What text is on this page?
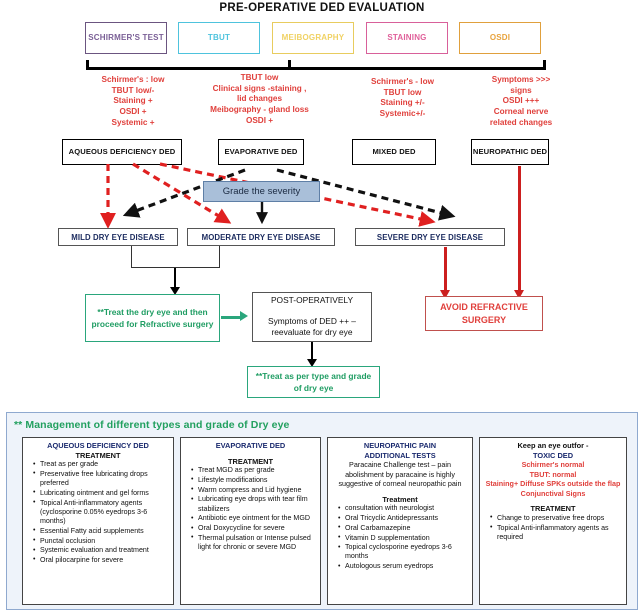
PRE-OPERATIVE DED EVALUATION
SCHIRMER'S TEST	TBUT	MEIBOGRAPHY	STAINING	OSDI
Schirmer's : low
TBUT low/-
Staining +
OSDI +
Systemic +
TBUT low
Clinical signs -staining ,
lid changes
Meibography - gland loss
OSDI +
Schirmer's - low
TBUT low
Staining +/-
Systemic+/-
Symptoms >>>
signs
OSDI +++
Corneal nerve
related changes
AQUEOUS DEFICIENCY DED	EVAPORATIVE DED	MIXED DED	NEUROPATHIC DED
Grade the severity
MILD DRY EYE DISEASE	MODERATE DRY EYE DISEASE	SEVERE DRY EYE DISEASE
**Treat the dry eye and then proceed for Refractive surgery
POST-OPERATIVELY
Symptoms of DED ++ – reevaluate for dry eye
**Treat as per type and grade of dry eye
AVOID REFRACTIVE SURGERY
** Management of different types and grade of Dry eye
AQUEOUS DEFICIENCY DED
TREATMENT
• Treat as per grade
• Preservative free lubricating drops preferred
• Lubricating ointment and gel forms
• Topical Anti-inflammatory agents (cyclosporine 0.05% eyedrops 3-6 months)
• Essential Fatty acid supplements
• Punctal occlusion
• Systemic evaluation and treatment
• Oral pilocarpine for severe
EVAPORATIVE DED
TREATMENT
• Treat MGD as per grade
• Lifestyle modifications
• Warm compress and Lid hygiene
• Lubricating eye drops with tear film stabilizers
• Antibiotic eye ointment for the MGD
• Oral Doxycycline for severe
• Thermal pulsation or Intense pulsed light for chronic or severe MGD
NEUROPATHIC PAIN
ADDITIONAL TESTS
Paracaine Challenge test – pain abolishment by paracaine is highly suggestive of corneal neuropathic pain
Treatment
• consultation with neurologist
• Oral Tricyclic Antidepressants
• Oral Carbamazepine
• Vitamin D supplementation
• Topical cyclosporine eyedrops 3-6 months
• Autologous serum eyedrops
Keep an eye outfor -
TOXIC DED
Schirmer's normal
TBUT: normal
Staining+ Diffuse SPKs outside the flap
Conjunctival Signs
TREATMENT
• Change to preservative free drops
• Topical Anti-inflammatory agents as required
